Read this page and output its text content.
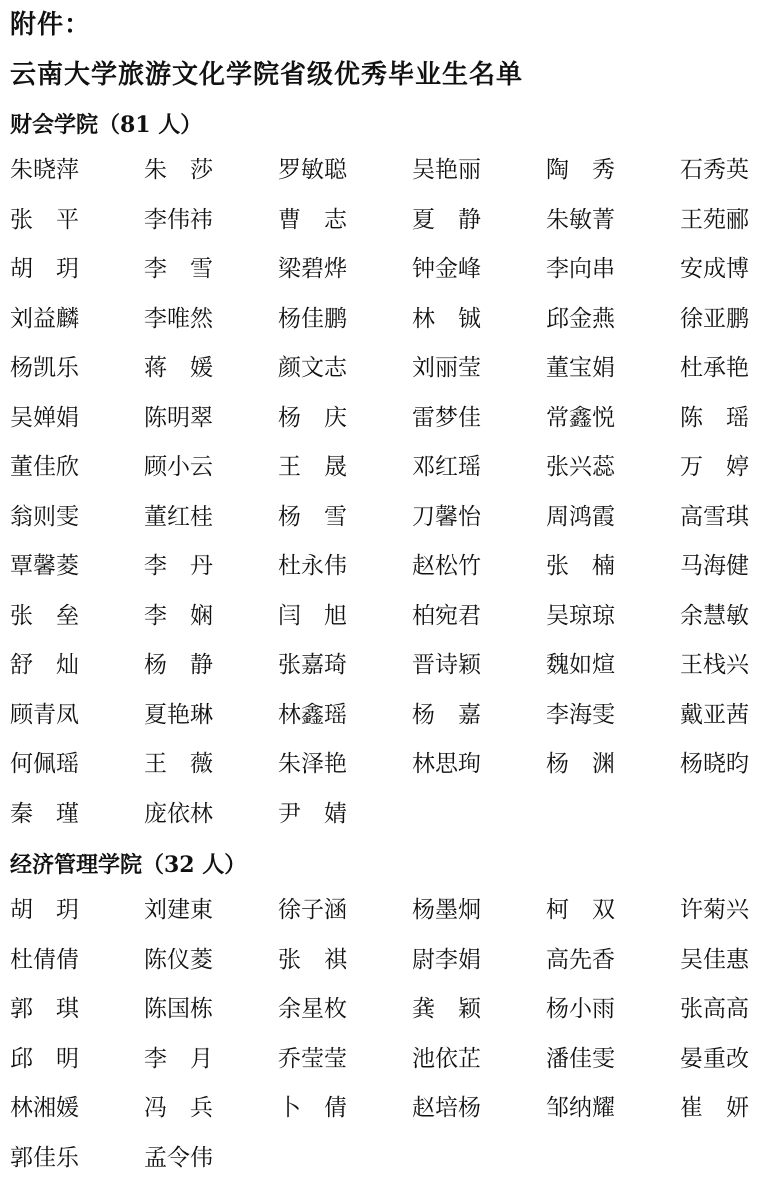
附件：
云南大学旅游文化学院省级优秀毕业生名单
财会学院（81 人）
朱晓萍	朱　莎	罗敏聪	吴艳丽	陶　秀	石秀英
张　平	李伟祎	曹　志	夏　静	朱敏菁	王苑郦
胡　玥	李　雪	梁碧烨	钟金峰	李向串	安成博
刘益麟	李唯然	杨佳鹏	林　铖	邱金燕	徐亚鹏
杨凯乐	蒋　媛	颜文志	刘丽莹	董宝娟	杜承艳
吴婵娟	陈明翠	杨　庆	雷梦佳	常鑫悦	陈　瑶
董佳欣	顾小云	王　晟	邓红瑶	张兴蕊	万　婷
翁则雯	董红桂	杨　雪	刀馨怡	周鸿霞	高雪琪
覃馨菱	李　丹	杜永伟	赵松竹	张　楠	马海健
张　垒	李　娴	闫　旭	柏宛君	吴琼琼	余慧敏
舒　灿	杨　静	张嘉琦	晋诗颖	魏如煊	王栈兴
顾青凤	夏艳琳	林鑫瑶	杨　嘉	李海雯	戴亚茜
何佩瑶	王　薇	朱泽艳	林思珣	杨　渊	杨晓昀
秦　瑾	庞依林	尹　婧
经济管理学院（32 人）
胡　玥	刘建東	徐子涵	杨墨炯	柯　双	许菊兴
杜倩倩	陈仪菱	张　祺	尉李娟	高先香	吴佳惠
郭　琪	陈国栋	余星枚	龚　颖	杨小雨	张高高
邱　明	李　月	乔莹莹	池依芷	潘佳雯	晏重改
林湘媛	冯　兵	卜　倩	赵培杨	邹纳耀	崔　妍
郭佳乐	孟令伟
